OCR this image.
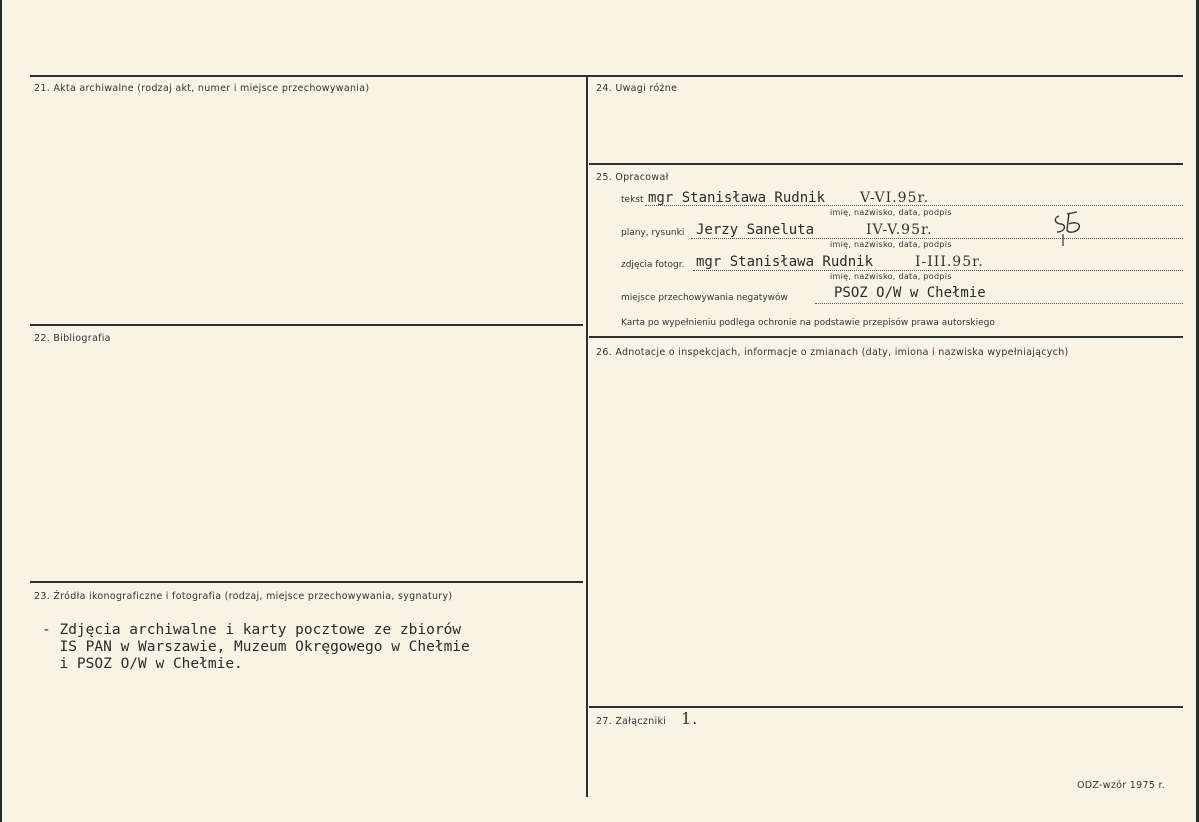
21. Akta archiwalne (rodzaj akt, numer i miejsce przechowywania)
22. Bibliografia
23. Źródła ikonograficzne i fotografia (rodzaj, miejsce przechowywania, sygnatury)
- Zdjęcia archiwalne i karty pocztowe ze zbiorów
IS PAN w Warszawie, Muzeum Okręgowego w Chełmie
i PSOZ O/W w Chełmie.
24. Uwagi różne
25. Opracował
tekst mgr Stanisława Rudnik V-VI.95r.
imię, nazwisko, data, podpis
plany, rysunki Jerzy Saneluta	IV-V.95r.
imię, nazwisko, data, podpis
zdjęcia fotogr. mgr Stanisława Rudnik	I-III.95r.
imię, nazwisko, data, podpis
miejsce przechowywania negatywów	PSOZ O/W w Chełmie
Karta po wypełnieniu podlega ochronie na podstawie przepisów prawa autorskiego
26. Adnotacje o inspekcjach, informacje o zmianach (daty, imiona i nazwiska wypełniających)
27. Załączniki 1.
ODZ-wzór 1975 r.
